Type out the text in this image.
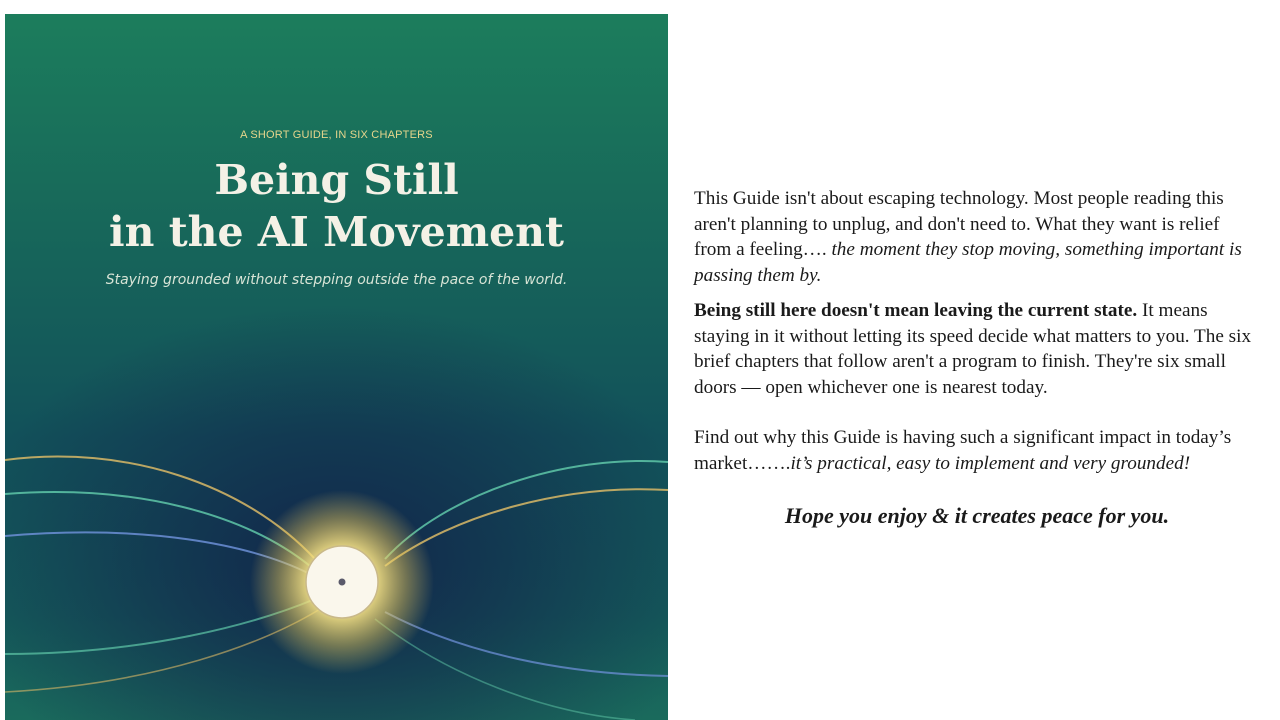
A SHORT GUIDE, IN SIX CHAPTERS
Being Still
in the AI Movement
Staying grounded without stepping outside the pace of the world.

This Guide isn't about escaping technology. Most people reading this aren't planning to unplug, and don't need to. What they want is relief from a feeling…. the moment they stop moving, something important is passing them by.

Being still here doesn't mean leaving the current state. It means staying in it without letting its speed decide what matters to you. The six brief chapters that follow aren't a program to finish. They're six small doors — open whichever one is nearest today.

Find out why this Guide is having such a significant impact in today’s market…….it’s practical, easy to implement and very grounded!

Hope you enjoy & it creates peace for you.
